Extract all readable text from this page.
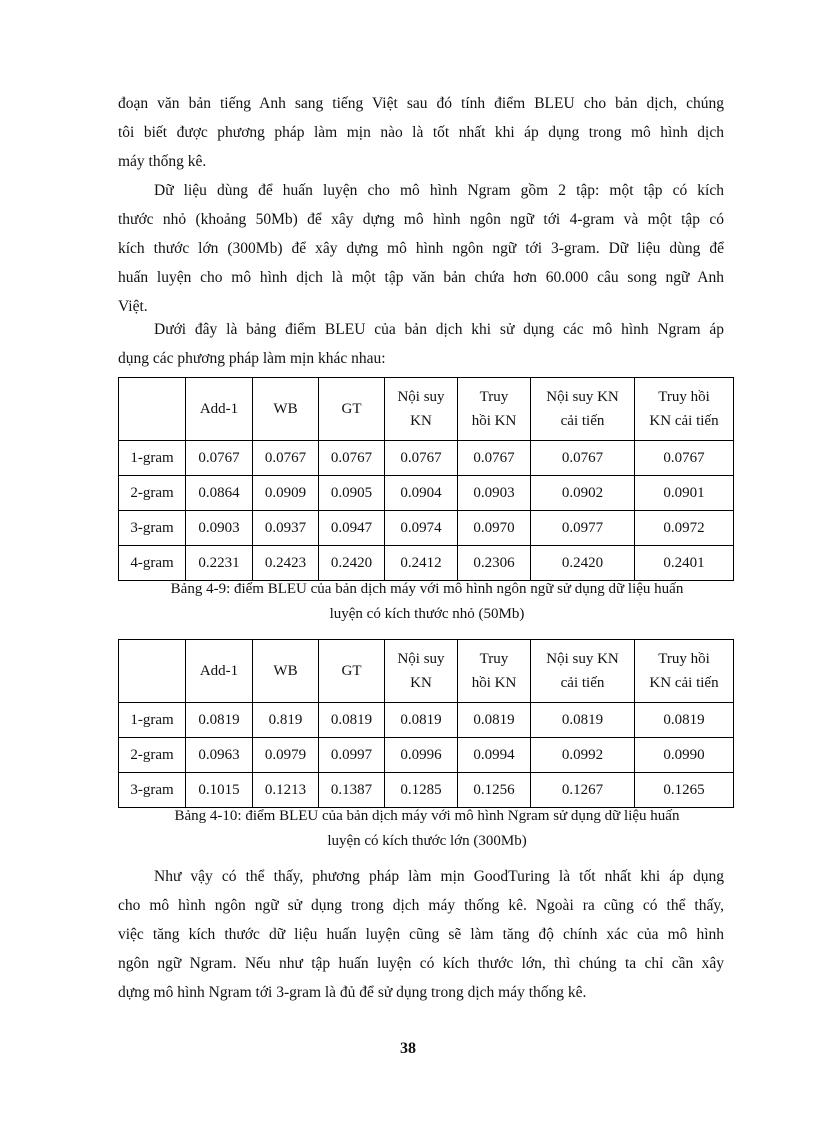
đoạn văn bản tiếng Anh sang tiếng Việt sau đó tính điểm BLEU cho bản dịch, chúng
tôi biết được phương pháp làm mịn nào là tốt nhất khi áp dụng trong mô hình dịch
máy thống kê.

Dữ liệu dùng để huấn luyện cho mô hình Ngram gồm 2 tập: một tập có kích
thước nhỏ (khoảng 50Mb) để xây dựng mô hình ngôn ngữ tới 4-gram và một tập có
kích thước lớn (300Mb) để xây dựng mô hình ngôn ngữ tới 3-gram. Dữ liệu dùng để
huấn luyện cho mô hình dịch là một tập văn bản chứa hơn 60.000 câu song ngữ Anh
Việt.

Dưới đây là bảng điểm BLEU của bản dịch khi sử dụng các mô hình Ngram áp
dụng các phương pháp làm mịn khác nhau:

	Add-1	WB	GT	Nội suy
KN	Truy
hồi KN	Nội suy KN
cải tiến	Truy hồi
KN cải tiến
1-gram	0.0767	0.0767	0.0767	0.0767	0.0767	0.0767	0.0767
2-gram	0.0864	0.0909	0.0905	0.0904	0.0903	0.0902	0.0901
3-gram	0.0903	0.0937	0.0947	0.0974	0.0970	0.0977	0.0972
4-gram	0.2231	0.2423	0.2420	0.2412	0.2306	0.2420	0.2401

Bảng 4-9: điểm BLEU của bản dịch máy với mô hình ngôn ngữ sử dụng dữ liệu huấn
luyện có kích thước nhỏ (50Mb)

	Add-1	WB	GT	Nội suy
KN	Truy
hồi KN	Nội suy KN
cải tiến	Truy hồi
KN cải tiến
1-gram	0.0819	0.819	0.0819	0.0819	0.0819	0.0819	0.0819
2-gram	0.0963	0.0979	0.0997	0.0996	0.0994	0.0992	0.0990
3-gram	0.1015	0.1213	0.1387	0.1285	0.1256	0.1267	0.1265

Bảng 4-10: điểm BLEU của bản dịch máy với mô hình Ngram sử dụng dữ liệu huấn
luyện có kích thước lớn (300Mb)

Như vậy có thể thấy, phương pháp làm mịn GoodTuring là tốt nhất khi áp dụng
cho mô hình ngôn ngữ sử dụng trong dịch máy thống kê. Ngoài ra cũng có thể thấy,
việc tăng kích thước dữ liệu huấn luyện cũng sẽ làm tăng độ chính xác của mô hình
ngôn ngữ Ngram. Nếu như tập huấn luyện có kích thước lớn, thì chúng ta chỉ cần xây
dựng mô hình Ngram tới 3-gram là đủ để sử dụng trong dịch máy thống kê.

38
